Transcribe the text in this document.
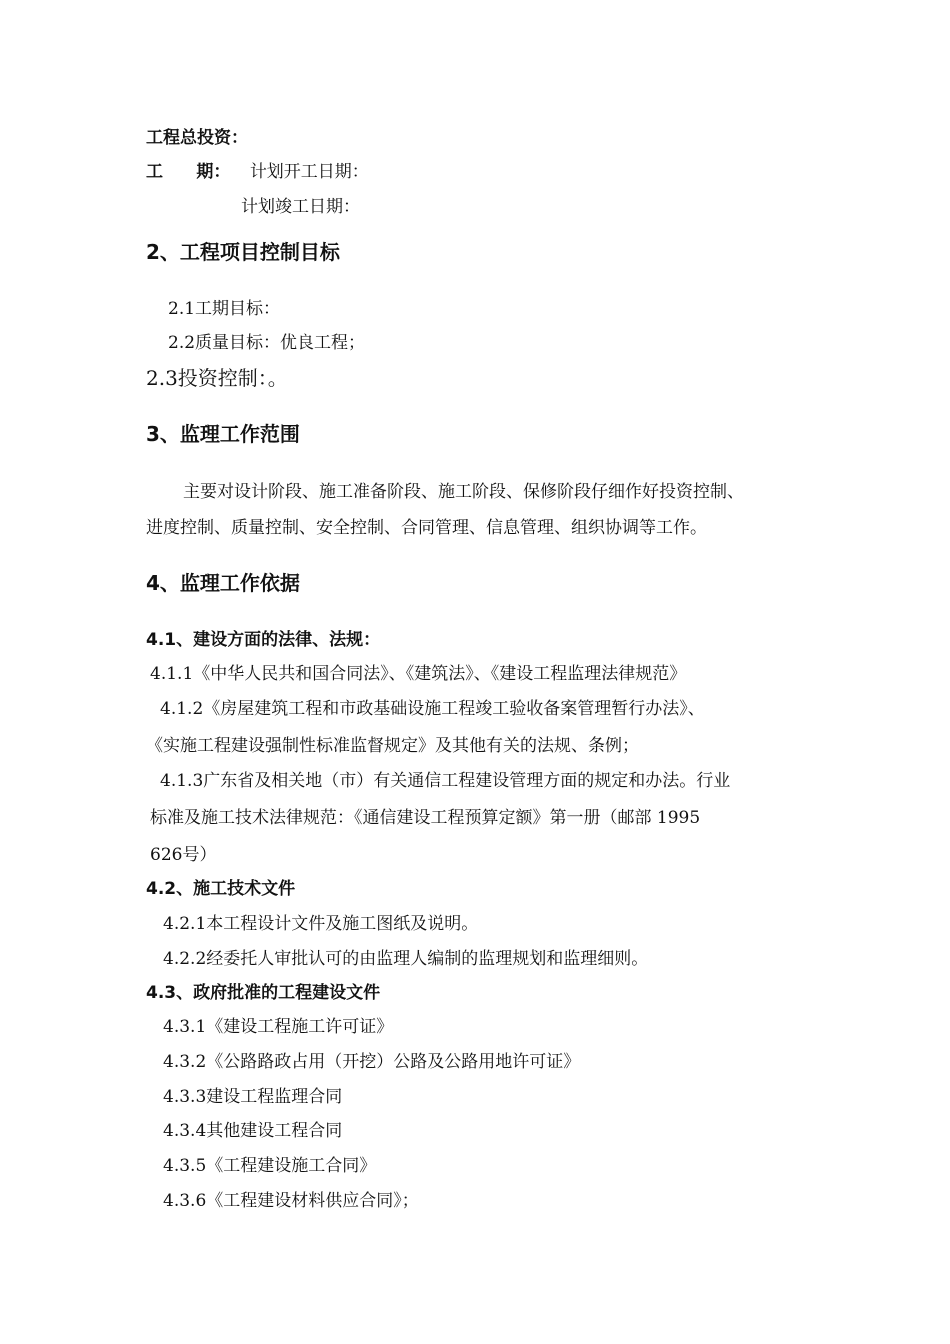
工程总投资：
工 期： 计划开工日期：
计划竣工日期：
2、工程项目控制目标
2.1工期目标：
2.2质量目标：优良工程；
2.3投资控制：。
3、监理工作范围
主要对设计阶段、施工准备阶段、施工阶段、保修阶段仔细作好投资控制、
进度控制、质量控制、安全控制、合同管理、信息管理、组织协调等工作。
4、监理工作依据
4.1、建设方面的法律、法规：
4.1.1《中华人民共和国合同法》、《建筑法》、《建设工程监理法律规范》
4.1.2《房屋建筑工程和市政基础设施工程竣工验收备案管理暂行办法》、
《实施工程建设强制性标准监督规定》及其他有关的法规、条例；
4.1.3广东省及相关地（市）有关通信工程建设管理方面的规定和办法。行业
标准及施工技术法律规范：《通信建设工程预算定额》第一册（邮部 1995
626号）
4.2、施工技术文件
4.2.1本工程设计文件及施工图纸及说明。
4.2.2经委托人审批认可的由监理人编制的监理规划和监理细则。
4.3、政府批准的工程建设文件
4.3.1《建设工程施工许可证》
4.3.2《公路路政占用（开挖）公路及公路用地许可证》
4.3.3建设工程监理合同
4.3.4其他建设工程合同
4.3.5《工程建设施工合同》
4.3.6《工程建设材料供应合同》；
